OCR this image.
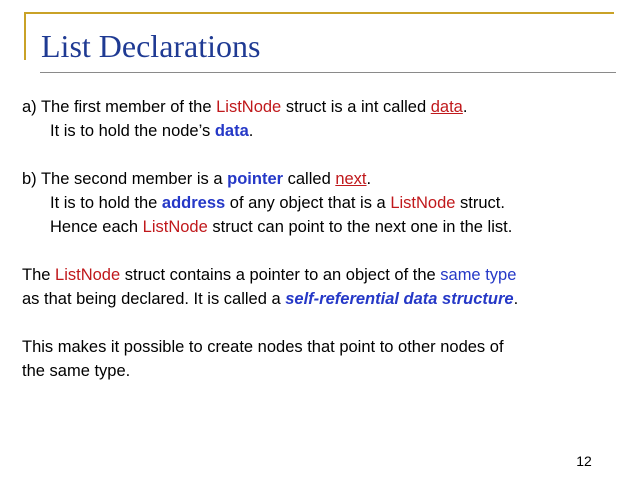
List Declarations
a) The first member of the ListNode struct is a int called data.
It is to hold the node’s data.
b) The second member is a pointer called next.
It is to hold the address of any object that is a ListNode struct.
Hence each ListNode struct can point to the next one in the list.
The ListNode struct contains a pointer to an object of the same type
as that being declared. It is called a self-referential data structure.
This makes it possible to create nodes that point to other nodes of
the same type.
12
